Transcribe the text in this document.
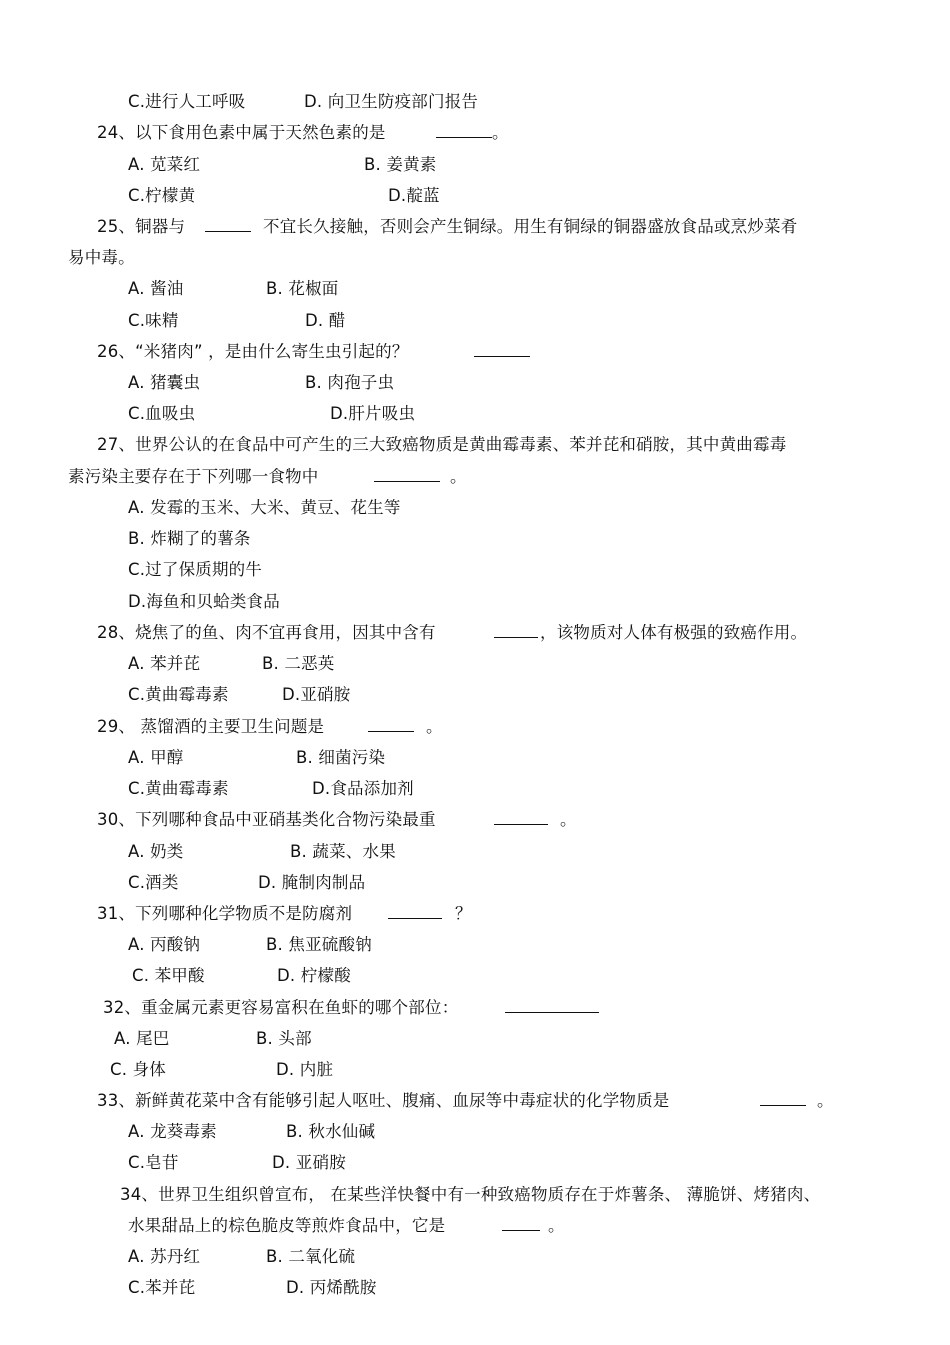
C.进行人工呼吸	D. 向卫生防疫部门报告
24、以下食用色素中属于天然色素的是	。
A. 苋菜红	B. 姜黄素
C.柠檬黄	D.靛蓝
25、铜器与	不宜长久接触，否则会产生铜绿。用生有铜绿的铜器盛放食品或烹炒菜肴
易中毒。
A. 酱油	B. 花椒面
C.味精	D. 醋
26、“米猪肉” ，是由什么寄生虫引起的？
A. 猪囊虫	B. 肉孢子虫
C.血吸虫	D.肝片吸虫
27、世界公认的在食品中可产生的三大致癌物质是黄曲霉毒素、苯并芘和硝胺，其中黄曲霉毒
素污染主要存在于下列哪一食物中	。
A. 发霉的玉米、大米、黄豆、花生等
B. 炸糊了的薯条
C.过了保质期的牛
D.海鱼和贝蛤类食品
28、烧焦了的鱼、肉不宜再食用，因其中含有	，该物质对人体有极强的致癌作用。
A. 苯并芘	B. 二恶英
C.黄曲霉毒素	D.亚硝胺
29、 蒸馏酒的主要卫生问题是	。
A. 甲醇	B. 细菌污染
C.黄曲霉毒素	D.食品添加剂
30、下列哪种食品中亚硝基类化合物污染最重	。
A. 奶类	B. 蔬菜、水果
C.酒类	D. 腌制肉制品
31、下列哪种化学物质不是防腐剂	？
A. 丙酸钠	B. 焦亚硫酸钠
C. 苯甲酸	D. 柠檬酸
32、重金属元素更容易富积在鱼虾的哪个部位：
A. 尾巴	B. 头部
C. 身体	D. 内脏
33、新鲜黄花菜中含有能够引起人呕吐、腹痛、血尿等中毒症状的化学物质是	。
A. 龙葵毒素	B. 秋水仙碱
C.皂苷	D. 亚硝胺
34、世界卫生组织曾宣布， 在某些洋快餐中有一种致癌物质存在于炸薯条、 薄脆饼、烤猪肉、
水果甜品上的棕色脆皮等煎炸食品中，它是	。
A. 苏丹红	B. 二氧化硫
C.苯并芘	D. 丙烯酰胺
